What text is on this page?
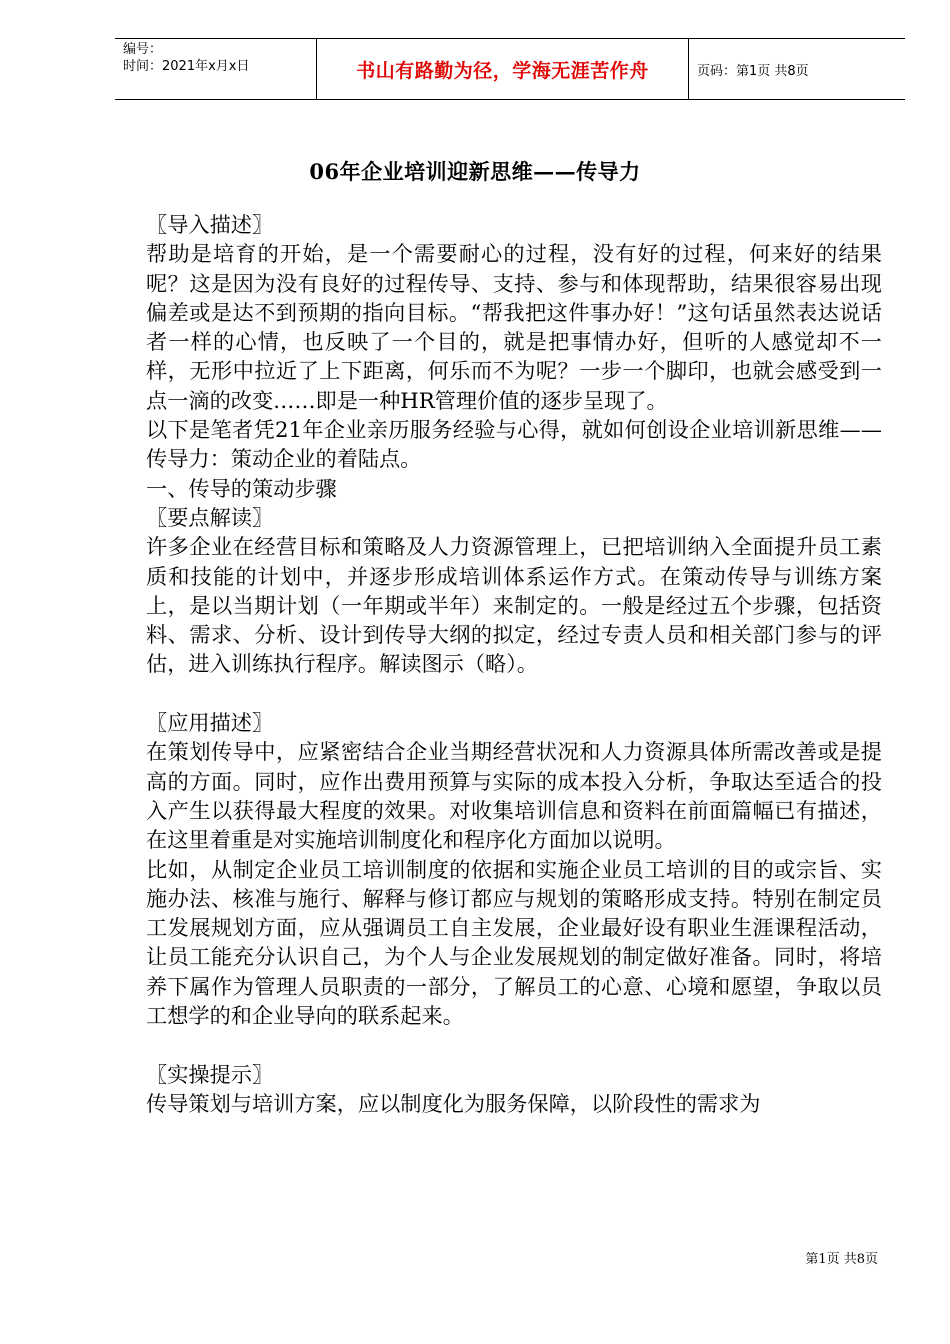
编号：
时间：2021年x月x日	书山有路勤为径，学海无涯苦作舟	页码：第1页 共8页
06年企业培训迎新思维——传导力

〖导入描述〗

帮助是培育的开始，是一个需要耐心的过程，没有好的过程，何来好的结果呢？这是因为没有良好的过程传导、支持、参与和体现帮助，结果很容易出现偏差或是达不到预期的指向目标。“帮我把这件事办好！”这句话虽然表达说话者一样的心情，也反映了一个目的，就是把事情办好，但听的人感觉却不一样，无形中拉近了上下距离，何乐而不为呢？一步一个脚印，也就会感受到一点一滴的改变……即是一种HR管理价值的逐步呈现了。

以下是笔者凭21年企业亲历服务经验与心得，就如何创设企业培训新思维——传导力：策动企业的着陆点。

一、传导的策动步骤

〖要点解读〗

许多企业在经营目标和策略及人力资源管理上，已把培训纳入全面提升员工素质和技能的计划中，并逐步形成培训体系运作方式。在策动传导与训练方案上，是以当期计划（一年期或半年）来制定的。一般是经过五个步骤，包括资料、需求、分析、设计到传导大纲的拟定，经过专责人员和相关部门参与的评估，进入训练执行程序。解读图示（略）。

〖应用描述〗

在策划传导中，应紧密结合企业当期经营状况和人力资源具体所需改善或是提高的方面。同时，应作出费用预算与实际的成本投入分析，争取达至适合的投入产生以获得最大程度的效果。对收集培训信息和资料在前面篇幅已有描述，在这里着重是对实施培训制度化和程序化方面加以说明。

比如，从制定企业员工培训制度的依据和实施企业员工培训的目的或宗旨、实施办法、核准与施行、解释与修订都应与规划的策略形成支持。特别在制定员工发展规划方面，应从强调员工自主发展，企业最好设有职业生涯课程活动，让员工能充分认识自己，为个人与企业发展规划的制定做好准备。同时，将培养下属作为管理人员职责的一部分，了解员工的心意、心境和愿望，争取以员工想学的和企业导向的联系起来。

〖实操提示〗

传导策划与培训方案，应以制度化为服务保障，以阶段性的需求为

第1页 共8页
